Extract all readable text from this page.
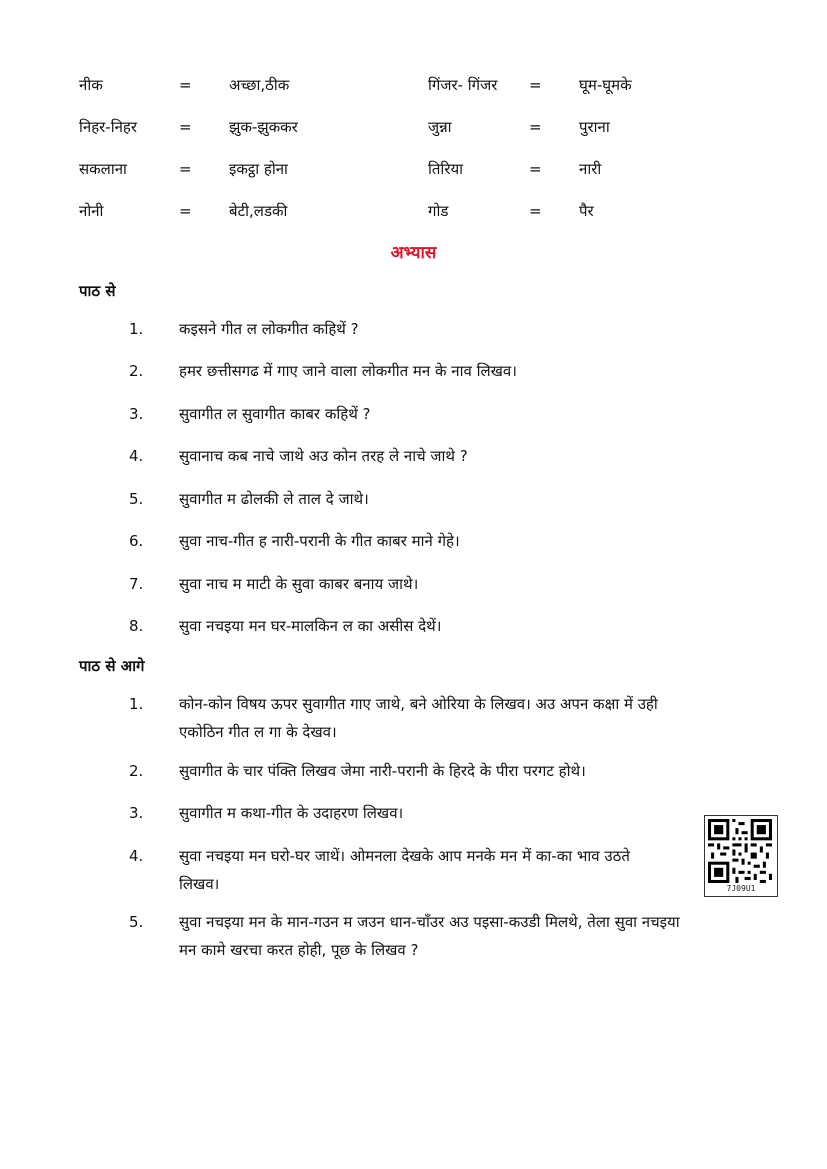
नीक	= अच्छा,ठीक	गिंजर- गिंजर = घूम-घूमके
निहर-निहर	= झुक-झुककर	जुन्ना	= पुराना
सकलाना	= इकट्ठा होना	तिरिया	= नारी
नोनी	= बेटी,लडकी	गोड	= पैर
अभ्यास
पाठ से
1. कइसने गीत ल लोकगीत कहिथें ?
2. हमर छत्तीसगढ में गाए जाने वाला लोकगीत मन के नाव लिखव।
3. सुवागीत ल सुवागीत काबर कहिथें ?
4. सुवानाच कब नाचे जाथे अउ कोन तरह ले नाचे जाथे ?
5. सुवागीत म ढोलकी ले ताल दे जाथे।
6. सुवा नाच-गीत ह नारी-परानी के गीत काबर माने गेहे।
7. सुवा नाच म माटी के सुवा काबर बनाय जाथे।
8. सुवा नचइया मन घर-मालकिन ल का असीस देथें।
पाठ से आगे
1. कोन-कोन विषय ऊपर सुवागीत गाए जाथे, बने ओरिया के लिखव। अउ अपन कक्षा में उही
एकोठिन गीत ल गा के देखव।
2. सुवागीत के चार पंक्ति लिखव जेमा नारी-परानी के हिरदे के पीरा परगट होथे।
3. सुवागीत म कथा-गीत के उदाहरण लिखव।
4. सुवा नचइया मन घरो-घर जाथें। ओमनला देखके आप मनके मन में का-का भाव उठते
लिखव।
5. सुवा नचइया मन के मान-गउन म जउन धान-चाँउर अउ पइसा-कउडी मिलथे, तेला सुवा नचइया
मन कामे खरचा करत होही, पूछ के लिखव ?
7J09U1
